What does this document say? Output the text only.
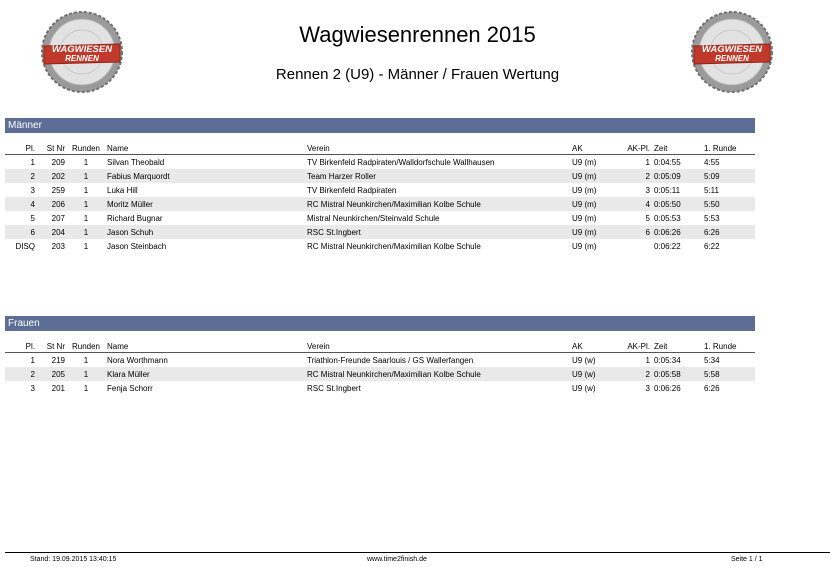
WAGWIESEN
RENNEN
WAGWIESEN
RENNEN
Wagwiesenrennen 2015
Rennen 2 (U9) - Männer / Frauen Wertung
Männer
Pl.	St Nr	Runden	Name	Verein	AK	AK-Pl.	Zeit	1. Runde
1	209	1	Silvan Theobald	TV Birkenfeld Radpiraten/Walldorfschule Wallhausen	U9 (m)	1	0:04:55	4:55
2	202	1	Fabius Marquordt	Team Harzer Roller	U9 (m)	2	0:05:09	5:09
3	259	1	Luka Hill	TV Birkenfeld Radpiraten	U9 (m)	3	0:05:11	5:11
4	206	1	Moritz Müller	RC Mistral Neunkirchen/Maximilian Kolbe Schule	U9 (m)	4	0:05:50	5:50
5	207	1	Richard Bugnar	Mistral Neunkirchen/Steinvald Schule	U9 (m)	5	0:05:53	5:53
6	204	1	Jason Schuh	RSC St.Ingbert	U9 (m)	6	0:06:26	6:26
DISQ	203	1	Jason Steinbach	RC Mistral Neunkirchen/Maximilian Kolbe Schule	U9 (m)		0:06:22	6:22
Frauen
Pl.	St Nr	Runden	Name	Verein	AK	AK-Pl.	Zeit	1. Runde
1	219	1	Nora Worthmann	Triathlon-Freunde Saarlouis / GS Wallerfangen	U9 (w)	1	0:05:34	5:34
2	205	1	Klara Müller	RC Mistral Neunkirchen/Maximilian Kolbe Schule	U9 (w)	2	0:05:58	5:58
3	201	1	Fenja Schorr	RSC St.Ingbert	U9 (w)	3	0:06:26	6:26
Stand: 19.09.2015 13:40:15	www.time2finish.de	Seite 1 / 1
